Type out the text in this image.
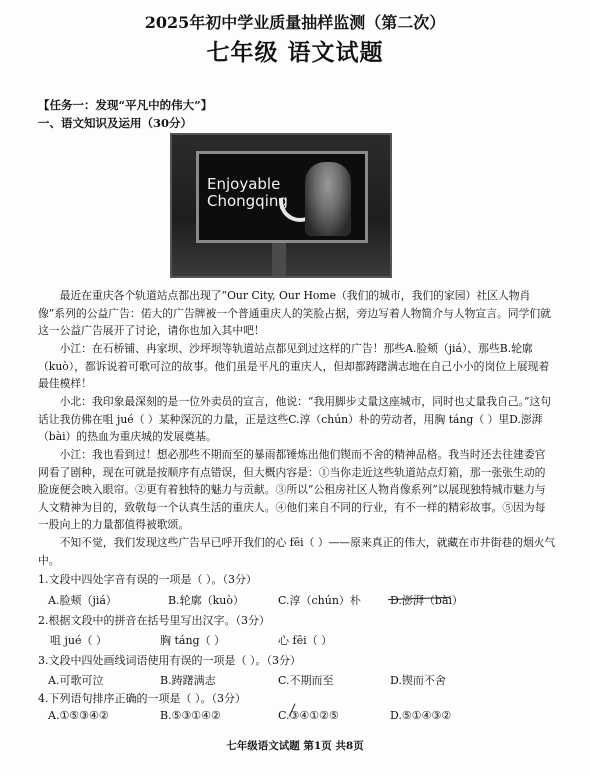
2025年初中学业质量抽样监测（第二次）
七年级 语文试题
【任务一：发现“平凡中的伟大”】
一、语文知识及运用（30分）
Enjoyable
Chongqing
最近在重庆各个轨道站点都出现了“Our City, Our Home（我们的城市，我们的家园）社区人物肖像”系列的公益广告：偌大的广告牌被一个普通重庆人的笑脸占据，旁边写着人物简介与人物宣言。同学们就这一公益广告展开了讨论，请你也加入其中吧！
小江：在石桥铺、冉家坝、沙坪坝等轨道站点都见到过这样的广告！那些A.脸颊（jiá）、那些B.轮廓（kuò），都诉说着可歌可泣的故事。他们虽是平凡的重庆人，但却都踌躇满志地在自己小小的岗位上展现着最佳模样！
小北：我印象最深刻的是一位外卖员的宣言，他说：“我用脚步丈量这座城市，同时也丈量我自己。”这句话让我仿佛在咀 jué（ ）某种深沉的力量，正是这些C.淳（chún）朴的劳动者，用胸 táng（ ）里D.澎湃（bài）的热血为重庆城的发展奠基。
小江：我也看到过！想必那些不期而至的暴雨都锤炼出他们锲而不舍的精神品格。我当时还去往建委官网看了剧种，现在可就是按顺序有点错误，但大概内容是：①当你走近这些轨道站点灯箱，那一张张生动的脸庞便会映入眼帘。②更有着独特的魅力与贡献。③所以“公租房社区人物肖像系列”以展现独特城市魅力与人文精神为目的，致敬每一个认真生活的重庆人。④他们来自不同的行业，有不一样的精彩故事。⑤因为每一股向上的力量都值得被歌颂。
不知不觉，我们发现这些广告早已呼开我们的心 fēi（ ）——原来真正的伟大，就藏在市井街巷的烟火气中。
1.文段中四处字音有误的一项是（ ）。（3分）
A.脸颊（jiá）	B.轮廓（kuò）	C.淳（chún）朴	D.澎湃（bài）
2.根据文段中的拼音在括号里写出汉字。（3分）
咀 jué（ ）	胸 táng（ ）	心 fēi（ ）
3.文段中四处画线词语使用有误的一项是（ ）。（3分）
A.可歌可泣	B.踌躇满志	C.不期而至	D.锲而不舍
4.下列语句排序正确的一项是（ ）。（3分）
A.①⑤③④②	B.⑤③①④②	C.③④①②⑤	D.⑤①④③②
七年级语文试题 第1页 共8页
